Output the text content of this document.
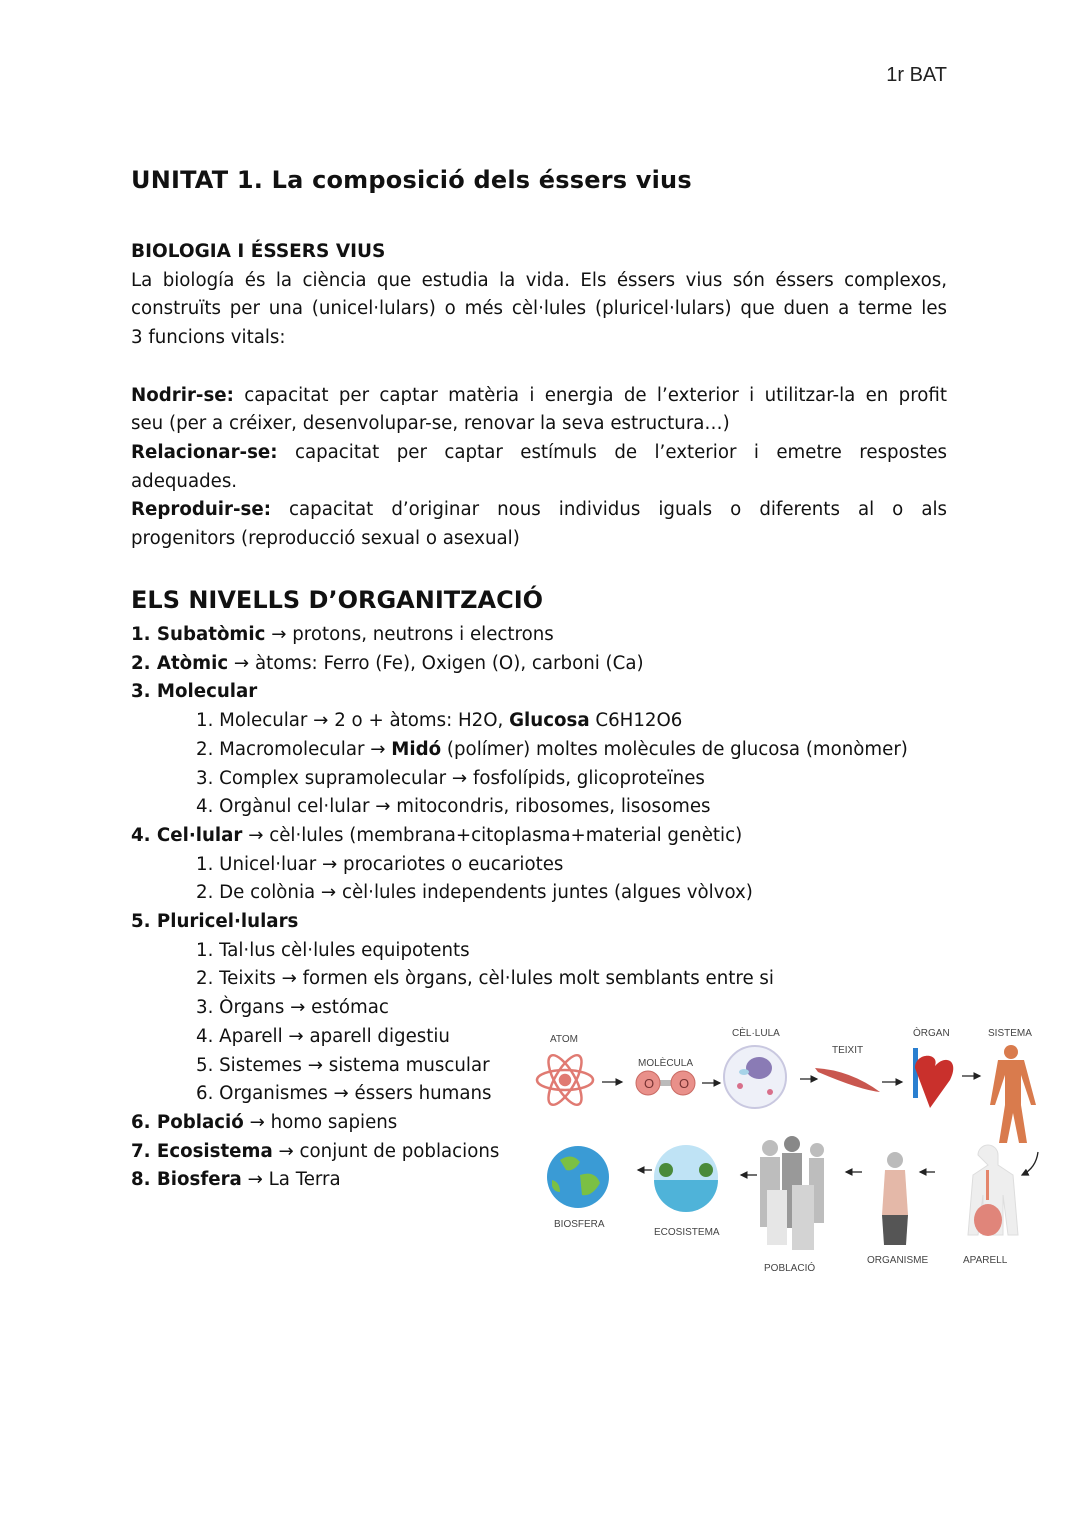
1r BAT
UNITAT 1. La composició dels éssers vius
BIOLOGIA I ÉSSERS VIUS
La biología és la ciència que estudia la vida. Els éssers vius són éssers complexos,
construïts per una (unicel·lulars) o més cèl·lules (pluricel·lulars) que duen a terme les
3 funcions vitals:

Nodrir-se: capacitat per captar matèria i energia de l’exterior i utilitzar-la en profit
seu (per a créixer, desenvolupar-se, renovar la seva estructura…)
Relacionar-se: capacitat per captar estímuls de l’exterior i emetre respostes
adequades.
Reproduir-se: capacitat d’originar nous individus iguals o diferents al o als
progenitors (reproducció sexual o asexual)
ELS NIVELLS D’ORGANITZACIÓ
1. Subatòmic → protons, neutrons i electrons
2. Atòmic → àtoms: Ferro (Fe), Oxigen (O), carboni (Ca)
3. Molecular
1. Molecular → 2 o + àtoms: H2O, Glucosa C6H12O6
2. Macromolecular → Midó (polímer) moltes molècules de glucosa (monòmer)
3. Complex supramolecular → fosfolípids, glicoproteïnes
4. Orgànul cel·lular → mitocondris, ribosomes, lisosomes
4. Cel·lular → cèl·lules (membrana+citoplasma+material genètic)
1. Unicel·luar → procariotes o eucariotes
2. De colònia → cèl·lules independents juntes (algues vòlvox)
5. Pluricel·lulars
1. Tal·lus cèl·lules equipotents
2. Teixits → formen els òrgans, cèl·lules molt semblants entre si
3. Òrgans → estómac
4. Aparell → aparell digestiu
5. Sistemes → sistema muscular
6. Organismes → éssers humans
6. Població → homo sapiens
7. Ecosistema → conjunt de poblacions
8. Biosfera → La Terra
ATOM
MOLÈCULA
O O
CÈL·LULA
TEIXIT
ÒRGAN	SISTEMA
APARELL
ORGANISME
POBLACIÓ
ECOSISTEMA
BIOSFERA
